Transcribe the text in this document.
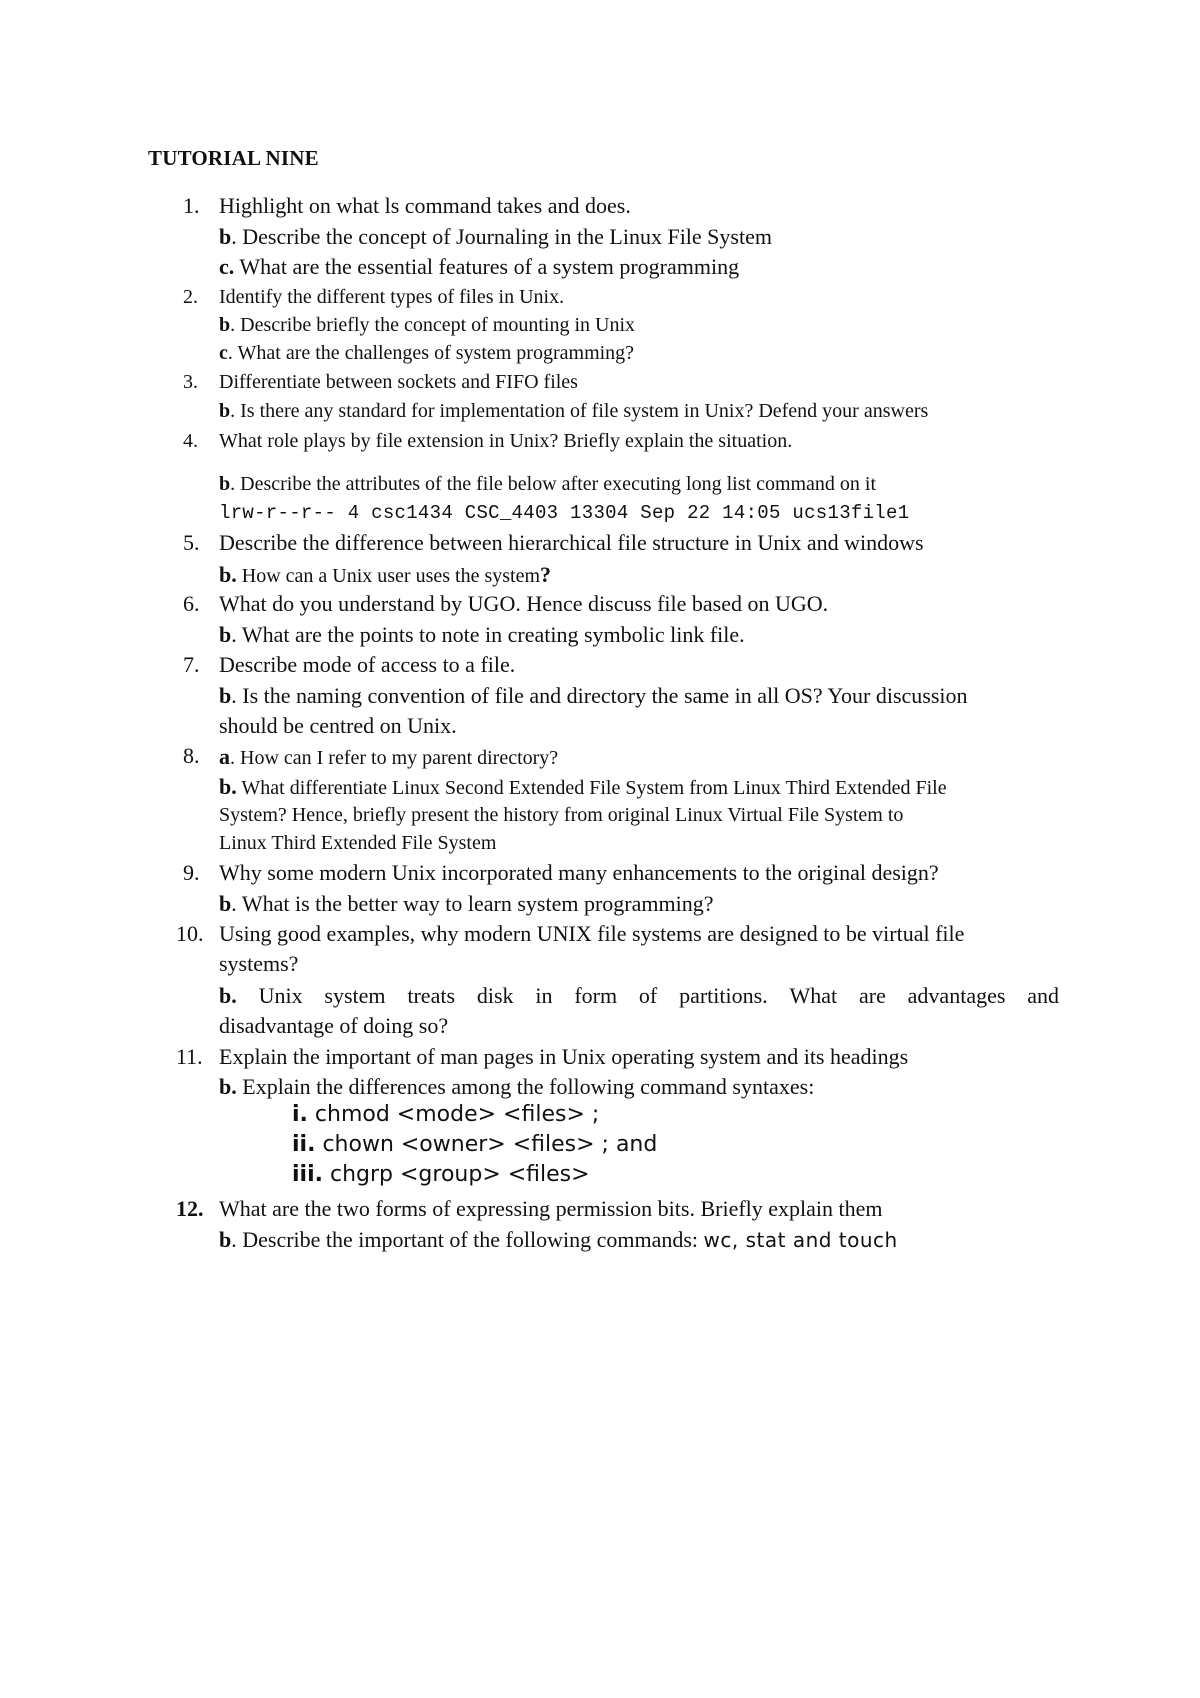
TUTORIAL NINE
1. Highlight on what ls command takes and does.
b. Describe the concept of Journaling in the Linux File System
c. What are the essential features of a system programming
2.	Identify the different types of files in Unix.
b. Describe briefly the concept of mounting in Unix
c. What are the challenges of system programming?
3.	Differentiate between sockets and FIFO files
b. Is there any standard for implementation of file system in Unix? Defend your answers
4.	What role plays by file extension in Unix? Briefly explain the situation.
b. Describe the attributes of the file below after executing long list command on it
lrw-r--r-- 4 csc1434 CSC_4403 13304 Sep 22 14:05 ucs13file1
5. Describe the difference between hierarchical file structure in Unix and windows
b. How can a Unix user uses the system?
6. What do you understand by UGO. Hence discuss file based on UGO.
b. What are the points to note in creating symbolic link file.
7. Describe mode of access to a file.
b. Is the naming convention of file and directory the same in all OS? Your discussion
should be centred on Unix.
8. a. How can I refer to my parent directory?
b. What differentiate Linux Second Extended File System from Linux Third Extended File
System? Hence, briefly present the history from original Linux Virtual File System to
Linux Third Extended File System
9. Why some modern Unix incorporated many enhancements to the original design?
b. What is the better way to learn system programming?
10. Using good examples, why modern UNIX file systems are designed to be virtual file
systems?
b. Unix system treats disk in form of partitions. What are advantages and
disadvantage of doing so?
11. Explain the important of man pages in Unix operating system and its headings
b. Explain the differences among the following command syntaxes:
i. chmod <mode> <files> ;
ii. chown <owner> <files> ; and
iii. chgrp <group> <files>
12. What are the two forms of expressing permission bits. Briefly explain them
b. Describe the important of the following commands: wc, stat and touch
